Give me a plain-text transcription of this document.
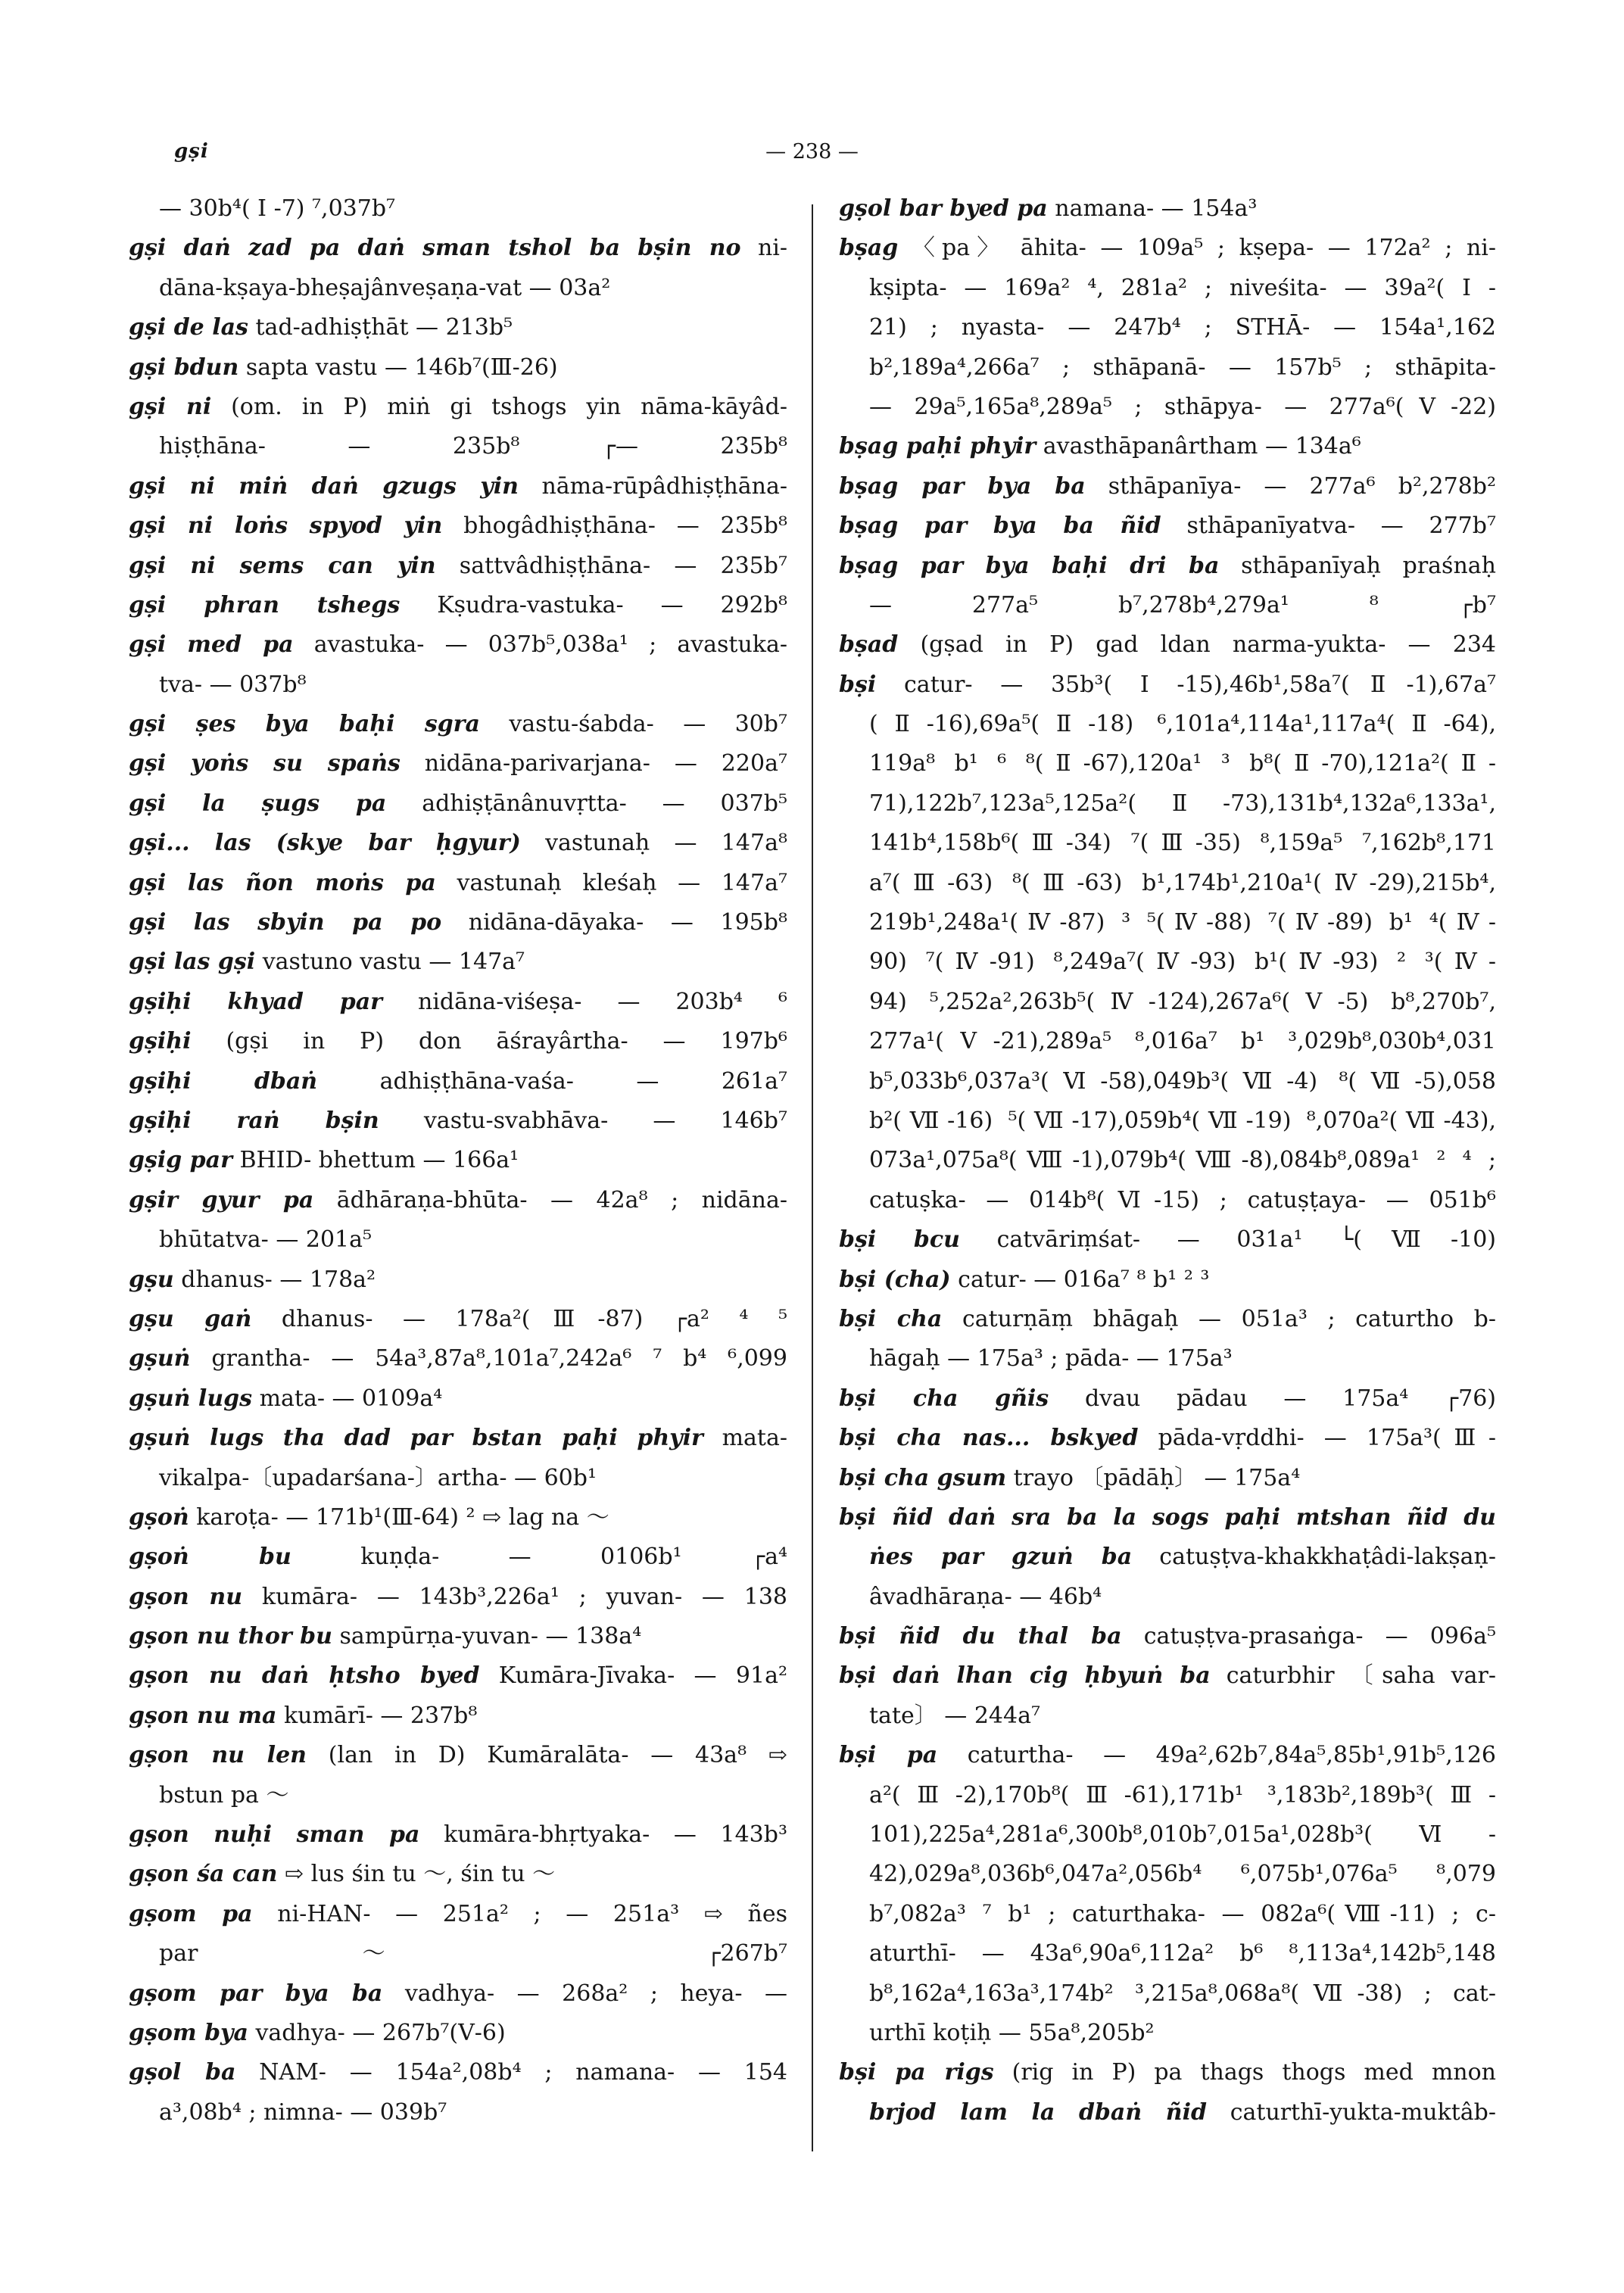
gṣi	— 238 —
— 30b⁴( I -7) ⁷,037b⁷
gṣi daṅ zad pa daṅ sman tshol ba bṣin no ni-
dāna-kṣaya-bheṣajânveṣaṇa-vat — 03a²
gṣi de las tad-adhiṣṭhāt — 213b⁵
gṣi bdun sapta vastu — 146b⁷(Ⅲ-26)
gṣi ni (om. in P) miṅ gi tshogs yin nāma-kāyâd-
hiṣṭhāna- — 235b⁸ ┌— 235b⁸
gṣi ni miṅ daṅ gzugs yin nāma-rūpâdhiṣṭhāna-
gṣi ni loṅs spyod yin bhogâdhiṣṭhāna- — 235b⁸
gṣi ni sems can yin sattvâdhiṣṭhāna- — 235b⁷
gṣi phran tshegs Kṣudra-vastuka- — 292b⁸
gṣi med pa avastuka- — 037b⁵,038a¹ ; avastuka-
tva- — 037b⁸
gṣi ṣes bya baḥi sgra vastu-śabda- — 30b⁷
gṣi yoṅs su spaṅs nidāna-parivarjana- — 220a⁷
gṣi la ṣugs pa adhiṣṭānânuvṛtta- — 037b⁵
gṣi... las (skye bar ḥgyur) vastunaḥ — 147a⁸
gṣi las ñon moṅs pa vastunaḥ kleśaḥ — 147a⁷
gṣi las sbyin pa po nidāna-dāyaka- — 195b⁸
gṣi las gṣi vastuno vastu — 147a⁷
gṣiḥi khyad par nidāna-viśeṣa- — 203b⁴ ⁶
gṣiḥi (gṣi in P) don āśrayârtha- — 197b⁶
gṣiḥi dbaṅ	adhiṣṭhāna-vaśa- — 261a⁷
gṣiḥi raṅ bṣin vastu-svabhāva- — 146b⁷
gṣig par BHID- bhettum — 166a¹
gṣir gyur pa ādhāraṇa-bhūta- — 42a⁸ ; nidāna-
bhūtatva- — 201a⁵
gṣu dhanus- — 178a²
gṣu gaṅ dhanus- — 178a²(Ⅲ-87) ┌a² ⁴ ⁵
gṣuṅ grantha- — 54a³,87a⁸,101a⁷,242a⁶ ⁷ b⁴ ⁶,099
gṣuṅ lugs mata- — 0109a⁴
gṣuṅ lugs tha dad par bstan paḥi phyir mata-
vikalpa-〔upadarśana-〕artha- — 60b¹
gṣoṅ karoṭa- — 171b¹(Ⅲ-64) ² ⇨ lag na ～
gṣoṅ bu	kuṇḍa- — 0106b¹ ┌a⁴
gṣon nu kumāra- — 143b³,226a¹ ; yuvan- — 138
gṣon nu thor bu sampūrṇa-yuvan- — 138a⁴
gṣon nu daṅ ḥtsho byed Kumāra-Jīvaka- — 91a²
gṣon nu ma kumārī- — 237b⁸
gṣon nu len (lan in D) Kumāralāta- — 43a⁸ ⇨
bstun pa ～
gṣon nuḥi sman pa kumāra-bhṛtyaka- — 143b³
gṣon śa can ⇨ lus śin tu ～, śin tu ～
gṣom pa ni-HAN- — 251a² ; — 251a³ ⇨ ñes
par ～ ┌267b⁷
gṣom par bya ba vadhya- — 268a² ; heya- —
gṣom bya vadhya- — 267b⁷(Ⅴ-6)
gṣol ba NAM- — 154a²,08b⁴ ; namana- — 154
a³,08b⁴ ; nimna- — 039b⁷
gṣol bar byed pa namana- — 154a³
bṣag 〈pa〉 āhita- — 109a⁵ ; kṣepa- — 172a² ; ni-
kṣipta- — 169a² ⁴, 281a² ; niveśita- — 39a²( I -
21) ; nyasta- — 247b⁴ ; STHĀ- — 154a¹,162
b²,189a⁴,266a⁷ ; sthāpanā- — 157b⁵ ; sthāpita-
— 29a⁵,165a⁸,289a⁵ ; sthāpya- — 277a⁶(Ⅴ-22)
bṣag paḥi phyir avasthāpanârtham — 134a⁶
bṣag par bya ba sthāpanīya- — 277a⁶ b²,278b²
bṣag par bya ba ñid sthāpanīyatva- — 277b⁷
bṣag par bya baḥi dri ba sthāpanīyaḥ praśnaḥ
— 277a⁵ b⁷,278b⁴,279a¹ ⁸ ┌b⁷
bṣad (gṣad in P) gad ldan narma-yukta- — 234
bṣi catur- — 35b³( I -15),46b¹,58a⁷(Ⅱ-1),67a⁷
(Ⅱ-16),69a⁵(Ⅱ-18) ⁶,101a⁴,114a¹,117a⁴(Ⅱ-64),
119a⁸ b¹ ⁶ ⁸(Ⅱ-67),120a¹ ³ b⁸(Ⅱ-70),121a²(Ⅱ-
71),122b⁷,123a⁵,125a²(Ⅱ-73),131b⁴,132a⁶,133a¹,
141b⁴,158b⁶(Ⅲ-34) ⁷(Ⅲ-35) ⁸,159a⁵ ⁷,162b⁸,171
a⁷(Ⅲ-63) ⁸(Ⅲ-63) b¹,174b¹,210a¹(Ⅳ-29),215b⁴,
219b¹,248a¹(Ⅳ-87) ³ ⁵(Ⅳ-88) ⁷(Ⅳ-89) b¹ ⁴(Ⅳ-
90) ⁷(Ⅳ-91) ⁸,249a⁷(Ⅳ-93) b¹(Ⅳ-93) ² ³(Ⅳ-
94) ⁵,252a²,263b⁵(Ⅳ-124),267a⁶(Ⅴ-5) b⁸,270b⁷,
277a¹(Ⅴ-21),289a⁵ ⁸,016a⁷ b¹ ³,029b⁸,030b⁴,031
b⁵,033b⁶,037a³(Ⅵ-58),049b³(Ⅶ-4) ⁸(Ⅶ-5),058
b²(Ⅶ-16) ⁵(Ⅶ-17),059b⁴(Ⅶ-19) ⁸,070a²(Ⅶ-43),
073a¹,075a⁸(Ⅷ-1),079b⁴(Ⅷ-8),084b⁸,089a¹ ² ⁴ ;
catuṣka- — 014b⁸(Ⅵ-15) ; catuṣṭaya- — 051b⁶
bṣi bcu catvāriṃśat- — 031a¹ └(Ⅶ-10)
bṣi (cha) catur- — 016a⁷ ⁸ b¹ ² ³
bṣi cha caturṇāṃ bhāgaḥ — 051a³ ; caturtho b-
hāgaḥ — 175a³ ; pāda- — 175a³
bṣi cha gñis dvau pādau — 175a⁴ ┌76)
bṣi cha nas... bskyed pāda-vṛddhi- — 175a³(Ⅲ-
bṣi cha gsum trayo 〔pādāḥ〕 — 175a⁴
bṣi ñid daṅ sra ba la sogs paḥi mtshan ñid du
ṅes par gzuṅ ba catuṣṭva-khakkhaṭâdi-lakṣaṇ-
âvadhāraṇa- — 46b⁴
bṣi ñid du thal ba catuṣṭva-prasaṅga- — 096a⁵
bṣi daṅ lhan cig ḥbyuṅ ba caturbhir 〔saha var-
tate〕 — 244a⁷
bṣi pa caturtha- — 49a²,62b⁷,84a⁵,85b¹,91b⁵,126
a²(Ⅲ-2),170b⁸(Ⅲ-61),171b¹ ³,183b²,189b³(Ⅲ-
101),225a⁴,281a⁶,300b⁸,010b⁷,015a¹,028b³(Ⅵ-
42),029a⁸,036b⁶,047a²,056b⁴ ⁶,075b¹,076a⁵ ⁸,079
b⁷,082a³ ⁷ b¹ ; caturthaka- — 082a⁶(Ⅷ-11) ; c-
aturthī- — 43a⁶,90a⁶,112a² b⁶ ⁸,113a⁴,142b⁵,148
b⁸,162a⁴,163a³,174b² ³,215a⁸,068a⁸(Ⅶ-38) ; cat-
urthī koṭiḥ — 55a⁸,205b²
bṣi pa rigs (rig in P) pa thags thogs med mnon
brjod lam la dbaṅ ñid caturthī-yukta-muktâb-
